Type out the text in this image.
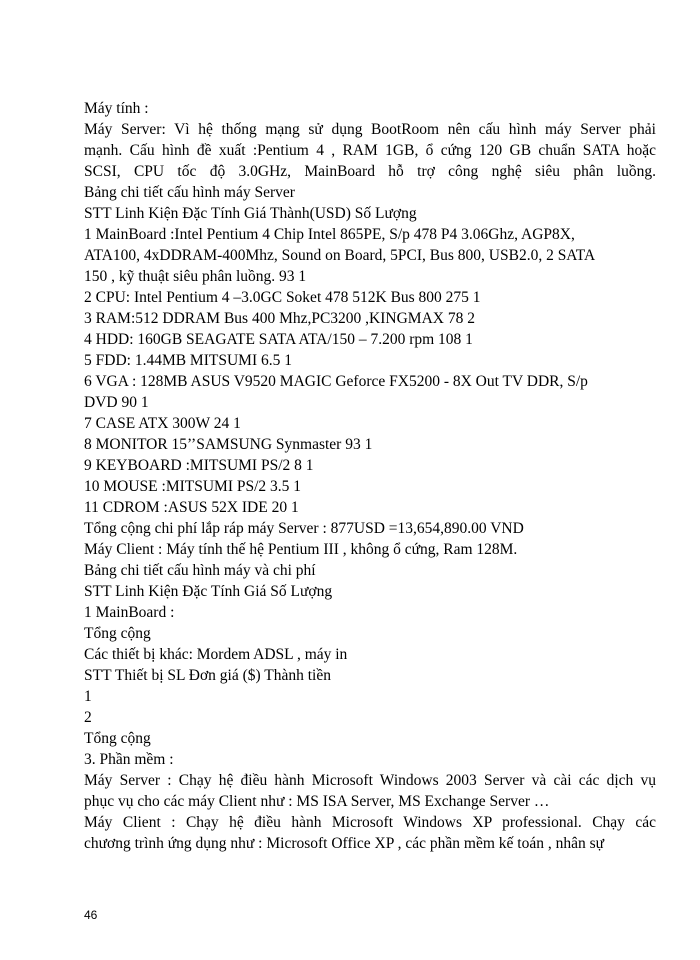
Máy tính :
Máy Server: Vì hệ thống mạng sử dụng BootRoom nên cấu hình máy Server phải
mạnh. Cấu hình đề xuất :Pentium 4 , RAM 1GB, ổ cứng 120 GB chuẩn SATA hoặc
SCSI, CPU tốc độ 3.0GHz, MainBoard hỗ trợ công nghệ siêu phân luồng.
Bảng chi tiết cấu hình máy Server
STT Linh Kiện Đặc Tính Giá Thành(USD) Số Lượng
1 MainBoard :Intel Pentium 4 Chip Intel 865PE, S/p 478 P4 3.06Ghz, AGP8X,
ATA100, 4xDDRAM-400Mhz, Sound on Board, 5PCI, Bus 800, USB2.0, 2 SATA
150 , kỹ thuật siêu phân luồng. 93 1
2 CPU: Intel Pentium 4 –3.0GC Soket 478 512K Bus 800 275 1
3 RAM:512 DDRAM Bus 400 Mhz,PC3200 ,KINGMAX 78 2
4 HDD: 160GB SEAGATE SATA ATA/150 – 7.200 rpm 108 1
5 FDD: 1.44MB MITSUMI 6.5 1
6 VGA : 128MB ASUS V9520 MAGIC Geforce FX5200 - 8X Out TV DDR, S/p
DVD 90 1
7 CASE ATX 300W 24 1
8 MONITOR 15’’SAMSUNG Synmaster 93 1
9 KEYBOARD :MITSUMI PS/2 8 1
10 MOUSE :MITSUMI PS/2 3.5 1
11 CDROM :ASUS 52X IDE 20 1
Tổng cộng chi phí lắp ráp máy Server : 877USD =13,654,890.00 VND
Máy Client : Máy tính thế hệ Pentium III , không ổ cứng, Ram 128M.
Bảng chi tiết cấu hình máy và chi phí
STT Linh Kiện Đặc Tính Giá Số Lượng
1 MainBoard :
Tổng cộng
Các thiết bị khác: Mordem ADSL , máy in
STT Thiết bị SL Đơn giá ($) Thành tiền
1
2
Tổng cộng
3. Phần mềm :
Máy Server : Chạy hệ điều hành Microsoft Windows 2003 Server và cài các dịch vụ
phục vụ cho các máy Client như : MS ISA Server, MS Exchange Server …
Máy Client : Chạy hệ điều hành Microsoft Windows XP professional. Chạy các
chương trình ứng dụng như : Microsoft Office XP , các phần mềm kế toán , nhân sự
46
